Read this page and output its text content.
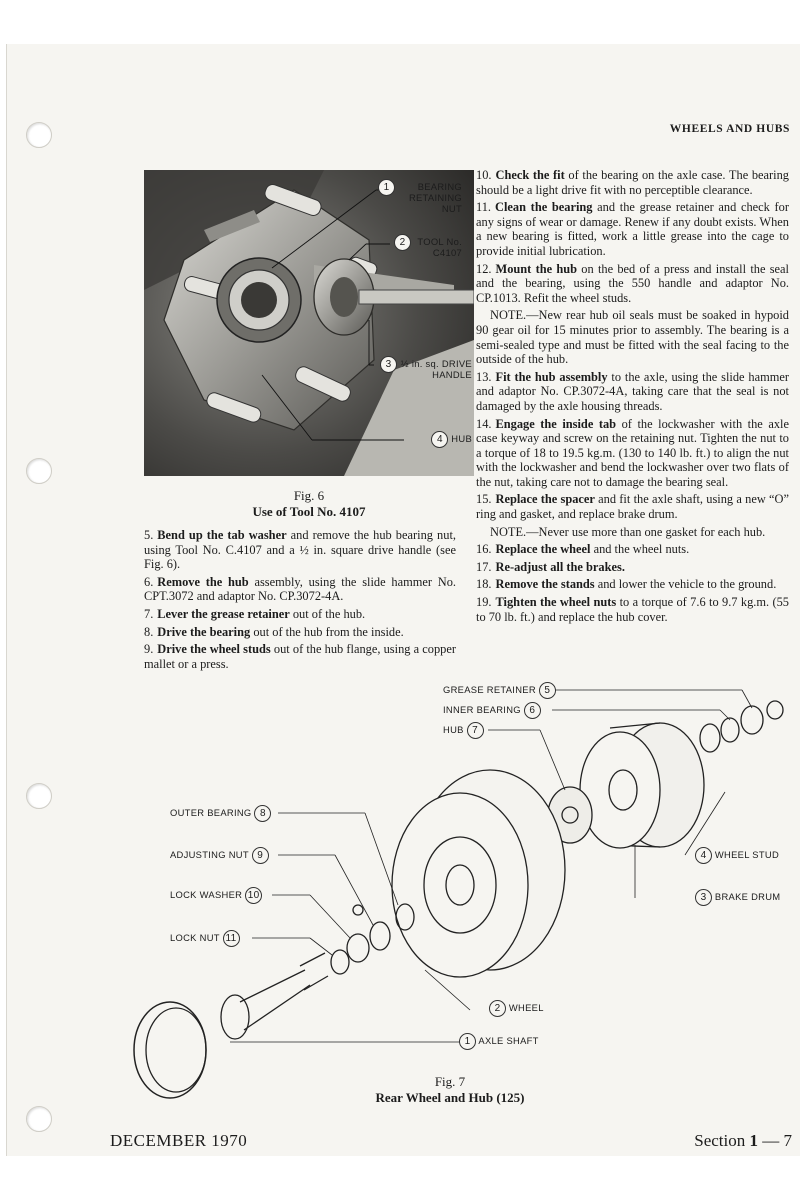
WHEELS AND HUBS
1	BEARING RETAINING NUT
2 TOOL No. C4107
3 ½ in. sq. DRIVE HANDLE
4 HUB
Fig. 6
Use of Tool No. 4107

5. Bend up the tab washer and remove the hub bearing nut, using Tool No. C.4107 and a ½ in. square drive handle (see Fig. 6).

6. Remove the hub assembly, using the slide hammer No. CPT.3072 and adaptor No. CP.3072-4A.

7. Lever the grease retainer out of the hub.

8. Drive the bearing out of the hub from the inside.

9. Drive the wheel studs out of the hub flange, using a copper mallet or a press.

10. Check the fit of the bearing on the axle case. The bearing should be a light drive fit with no perceptible clearance.

11. Clean the bearing and the grease retainer and check for any signs of wear or damage. Renew if any doubt exists. When a new bearing is fitted, work a little grease into the cage to provide initial lubrication.

12. Mount the hub on the bed of a press and install the seal and the bearing, using the 550 handle and adaptor No. CP.1013. Refit the wheel studs.

NOTE.—New rear hub oil seals must be soaked in hypoid 90 gear oil for 15 minutes prior to assembly. The bearing is a semi-sealed type and must be fitted with the seal facing to the outside of the hub.

13. Fit the hub assembly to the axle, using the slide hammer and adaptor No. CP.3072-4A, taking care that the seal is not damaged by the axle housing threads.

14. Engage the inside tab of the lockwasher with the axle case keyway and screw on the retaining nut. Tighten the nut to a torque of 18 to 19.5 kg.m. (130 to 140 lb. ft.) to align the nut with the lockwasher and bend the lockwasher over two flats of the nut, taking care not to damage the bearing seal.

15. Replace the spacer and fit the axle shaft, using a new “O” ring and gasket, and replace brake drum.

NOTE.—Never use more than one gasket for each hub.

16. Replace the wheel and the wheel nuts.

17. Re-adjust all the brakes.

18. Remove the stands and lower the vehicle to the ground.

19. Tighten the wheel nuts to a torque of 7.6 to 9.7 kg.m. (55 to 70 lb. ft.) and replace the hub cover.

GREASE RETAINER 5
INNER BEARING 6
HUB 7
OUTER BEARING 8
ADJUSTING NUT 9
LOCK WASHER 10
LOCK NUT 11
4 WHEEL STUD
3 BRAKE DRUM
2 WHEEL
1 AXLE SHAFT
Fig. 7
Rear Wheel and Hub (125)
DECEMBER 1970	Section 1 — 7
